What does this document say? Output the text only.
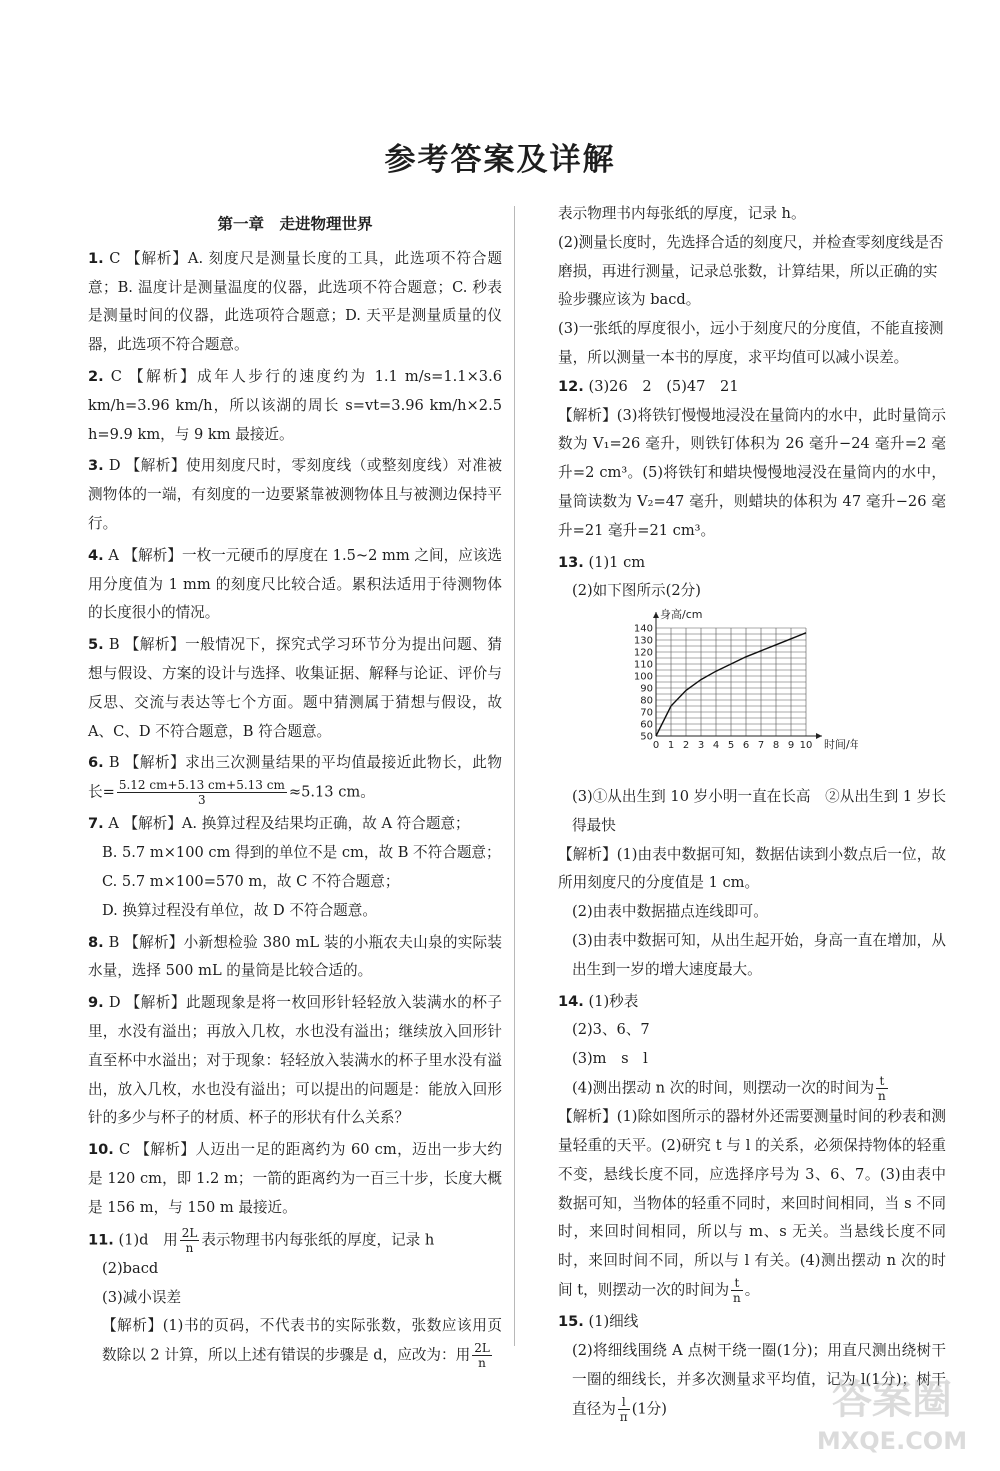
参考答案及详解
第一章　走进物理世界

1. C 【解析】A. 刻度尺是测量长度的工具，此选项不符合题意；B. 温度计是测量温度的仪器，此选项不符合题意；C. 秒表是测量时间的仪器，此选项符合题意；D. 天平是测量质量的仪器，此选项不符合题意。

2. C 【解析】成年人步行的速度约为 1.1 m/s=1.1×3.6 km/h=3.96 km/h，所以该湖的周长 s=vt=3.96 km/h×2.5 h=9.9 km，与 9 km 最接近。

3. D 【解析】使用刻度尺时，零刻度线（或整刻度线）对准被测物体的一端，有刻度的一边要紧靠被测物体且与被测边保持平行。

4. A 【解析】一枚一元硬币的厚度在 1.5~2 mm 之间，应该选用分度值为 1 mm 的刻度尺比较合适。累积法适用于待测物体的长度很小的情况。

5. B 【解析】一般情况下，探究式学习环节分为提出问题、猜想与假设、方案的设计与选择、收集证据、解释与论证、评价与反思、交流与表达等七个方面。题中猜测属于猜想与假设，故 A、C、D 不符合题意，B 符合题意。

6. B 【解析】求出三次测量结果的平均值最接近此物长，此物长= $\frac{5.12 cm+5.13 cm+5.13 cm}{3} \approx 5.13$ cm。

7. A 【解析】A. 换算过程及结果均正确，故 A 符合题意；

B. 5.7 m×100 cm 得到的单位不是 cm，故 B 不符合题意；

C. 5.7 m×100=570 m，故 C 不符合题意；

D. 换算过程没有单位，故 D 不符合题意。

8. B 【解析】小新想检验 380 mL 装的小瓶农夫山泉的实际装水量，选择 500 mL 的量筒是比较合适的。

9. D 【解析】此题现象是将一枚回形针轻轻放入装满水的杯子里，水没有溢出；再放入几枚，水也没有溢出；继续放入回形针直至杯中水溢出；对于现象：轻轻放入装满水的杯子里水没有溢出，放入几枚，水也没有溢出；可以提出的问题是：能放入回形针的多少与杯子的材质、杯子的形状有什么关系？

10. C 【解析】人迈出一足的距离约为 60 cm，迈出一步大约是 120 cm，即 1.2 m；一箭的距离约为一百三十步，长度大概是 156 m，与 150 m 最接近。

11. (1)d　用 $\frac{2L}{n}$ 表示物理书内每张纸的厚度，记录 h

(2)bacd

(3)减小误差

【解析】(1)书的页码，不代表书的实际张数，张数应该用页数除以 2 计算，所以上述有错误的步骤是 d，应改为：用 $\frac{2L}{n}$

表示物理书内每张纸的厚度，记录 h。

(2)测量长度时，先选择合适的刻度尺，并检查零刻度线是否磨损，再进行测量，记录总张数，计算结果，所以正确的实验步骤应该为 bacd。

(3)一张纸的厚度很小，远小于刻度尺的分度值，不能直接测量，所以测量一本书的厚度，求平均值可以减小误差。

12. (3)26　2　(5)47　21

【解析】(3)将铁钉慢慢地浸没在量筒内的水中，此时量筒示数为 V₁=26 毫升，则铁钉体积为 26 毫升−24 毫升=2 毫升=2 cm³。(5)将铁钉和蜡块慢慢地浸没在量筒内的水中，量筒读数为 V₂=47 毫升，则蜡块的体积为 47 毫升−26 毫升=21 毫升=21 cm³。

13. (1)1 cm

(2)如下图所示(2分)

0 1 2 3 4 5 6 7 8 9 10
50
60
70
80
90
100
110
120
130
140
身高/cm
时间/年

(3)①从出生到 10 岁小明一直在长高　②从出生到 1 岁长得最快

【解析】(1)由表中数据可知，数据估读到小数点后一位，故所用刻度尺的分度值是 1 cm。

(2)由表中数据描点连线即可。

(3)由表中数据可知，从出生起开始，身高一直在增加，从出生到一岁的增大速度最大。

14. (1)秒表

(2)3、6、7

(3)m　s　l

(4)测出摆动 n 次的时间，则摆动一次的时间为 $\frac{t}{n}$

【解析】(1)除如图所示的器材外还需要测量时间的秒表和测量轻重的天平。(2)研究 t 与 l 的关系，必须保持物体的轻重不变，悬线长度不同，应选择序号为 3、6、7。(3)由表中数据可知，当物体的轻重不同时，来回时间相同，当 s 不同时，来回时间相同，所以与 m、s 无关。当悬线长度不同时，来回时间不同，所以与 l 有关。(4)测出摆动 n 次的时间 t，则摆动一次的时间为 $\frac{t}{n}$ 。

15. (1)细线

(2)将细线围绕 A 点树干绕一圈(1分)；用直尺测出绕树干一圈的细线长，并多次测量求平均值，记为 l(1分)；树干直径为 $\frac{l}{\pi} (1$分)	答案圈
MXQE.COM
